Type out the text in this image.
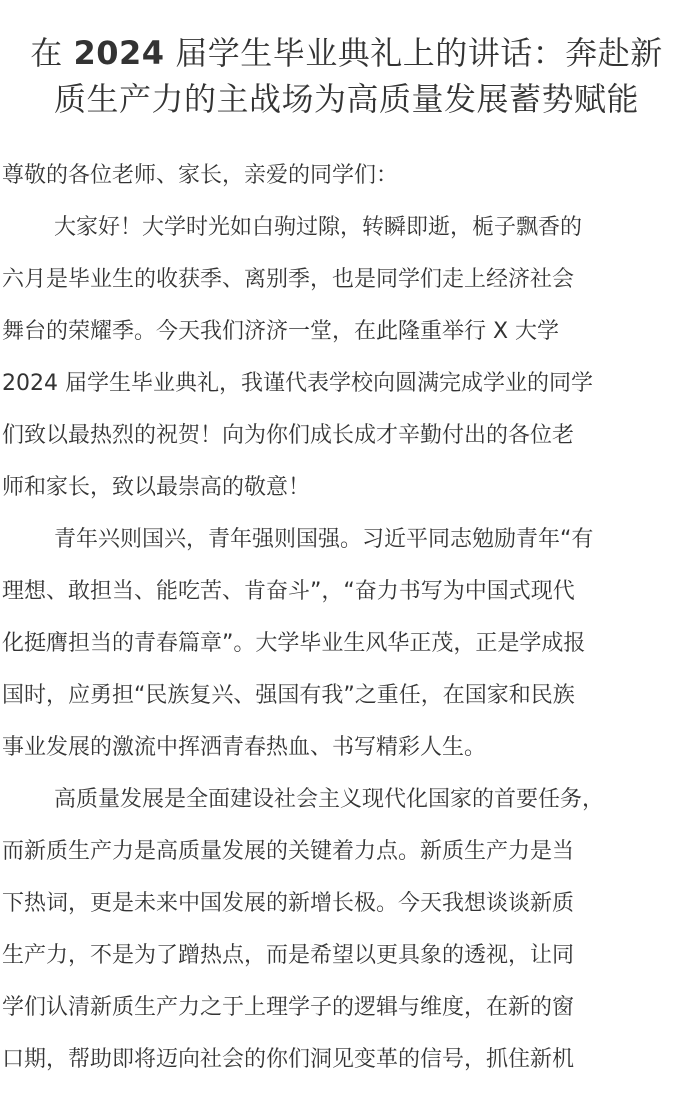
在 2024 届学生毕业典礼上的讲话：奔赴新
质生产力的主战场为高质量发展蓄势赋能

尊敬的各位老师、家长，亲爱的同学们：

大家好！大学时光如白驹过隙，转瞬即逝，栀子飘香的
六月是毕业生的收获季、离别季，也是同学们走上经济社会
舞台的荣耀季。今天我们济济一堂，在此隆重举行 X 大学
2024 届学生毕业典礼，我谨代表学校向圆满完成学业的同学
们致以最热烈的祝贺！向为你们成长成才辛勤付出的各位老
师和家长，致以最崇高的敬意！

青年兴则国兴，青年强则国强。习近平同志勉励青年“有
理想、敢担当、能吃苦、肯奋斗”，“奋力书写为中国式现代
化挺膺担当的青春篇章”。大学毕业生风华正茂，正是学成报
国时，应勇担“民族复兴、强国有我”之重任，在国家和民族
事业发展的激流中挥洒青春热血、书写精彩人生。

高质量发展是全面建设社会主义现代化国家的首要任务，
而新质生产力是高质量发展的关键着力点。新质生产力是当
下热词，更是未来中国发展的新增长极。今天我想谈谈新质
生产力，不是为了蹭热点，而是希望以更具象的透视，让同
学们认清新质生产力之于上理学子的逻辑与维度，在新的窗
口期，帮助即将迈向社会的你们洞见变革的信号，抓住新机
